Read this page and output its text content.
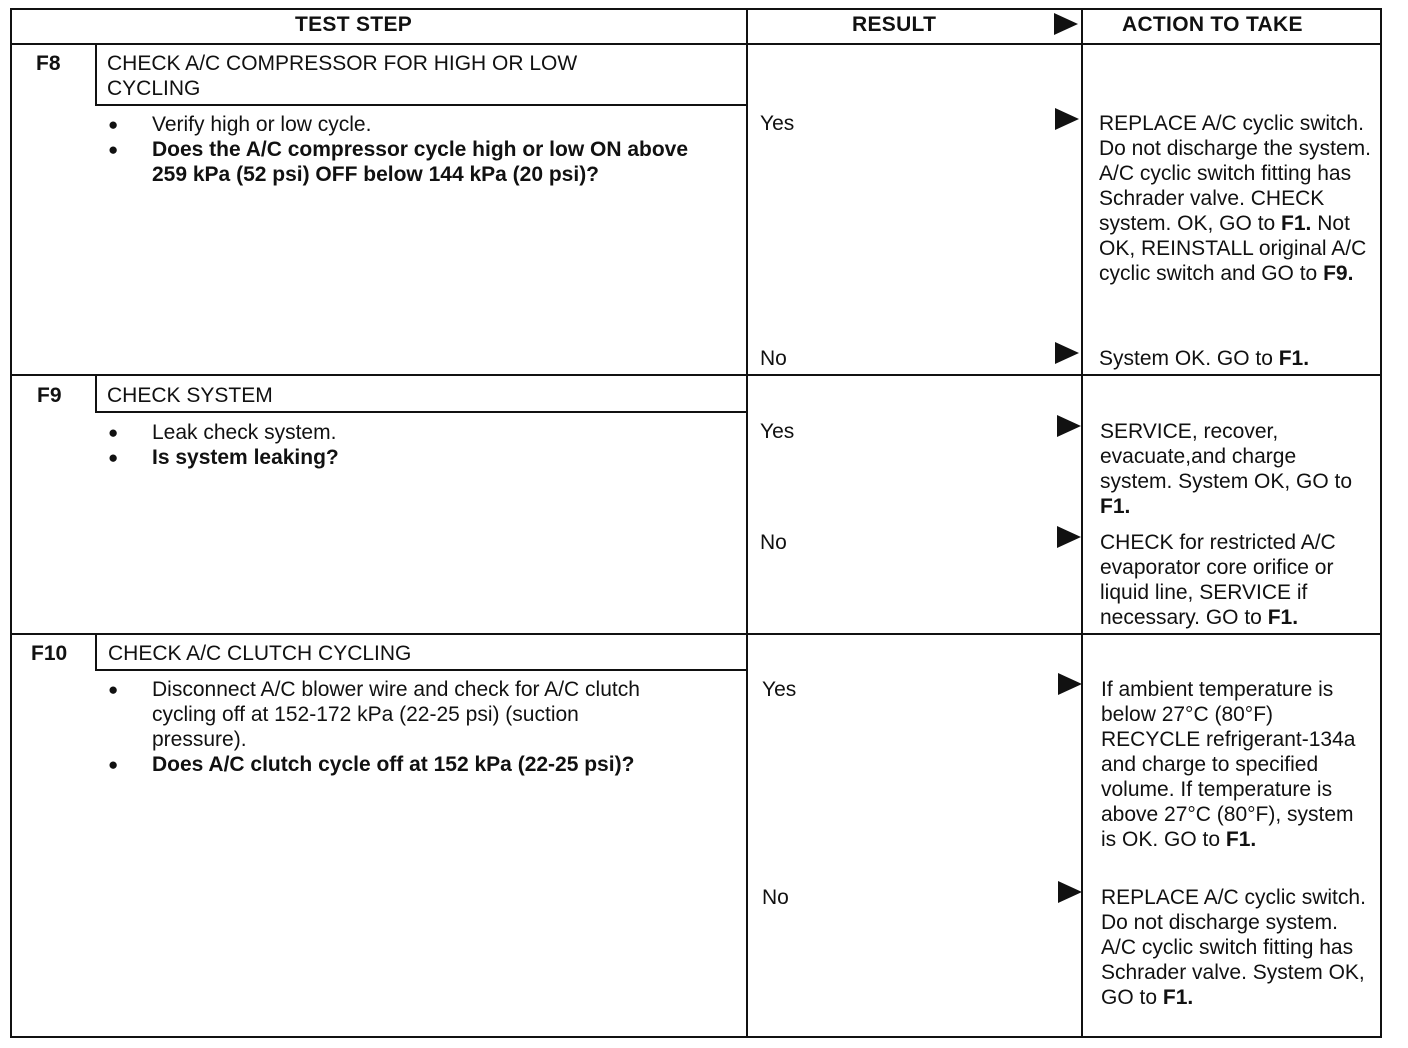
TEST STEP	RESULT	ACTION TO TAKE
F8 CHECK A/C COMPRESSOR FOR HIGH OR LOW CYCLING
● Verify high or low cycle.
● Does the A/C compressor cycle high or low ON above 259 kPa (52 psi) OFF below 144 kPa (20 psi)?
Yes	REPLACE A/C cyclic switch. Do not discharge the system. A/C cyclic switch fitting has Schrader valve. CHECK system. OK, GO to F1. Not OK, REINSTALL original A/C cyclic switch and GO to F9.
No	System OK. GO to F1.
F9 CHECK SYSTEM
● Leak check system.
● Is system leaking?
Yes	SERVICE, recover, evacuate,and charge system. System OK, GO to F1.
No	CHECK for restricted A/C evaporator core orifice or liquid line, SERVICE if necessary. GO to F1.
F10 CHECK A/C CLUTCH CYCLING
● Disconnect A/C blower wire and check for A/C clutch cycling off at 152-172 kPa (22-25 psi) (suction pressure).
● Does A/C clutch cycle off at 152 kPa (22-25 psi)?
Yes	If ambient temperature is below 27°C (80°F) RECYCLE refrigerant-134a and charge to specified volume. If temperature is above 27°C (80°F), system is OK. GO to F1.
No	REPLACE A/C cyclic switch. Do not discharge system. A/C cyclic switch fitting has Schrader valve. System OK, GO to F1.
